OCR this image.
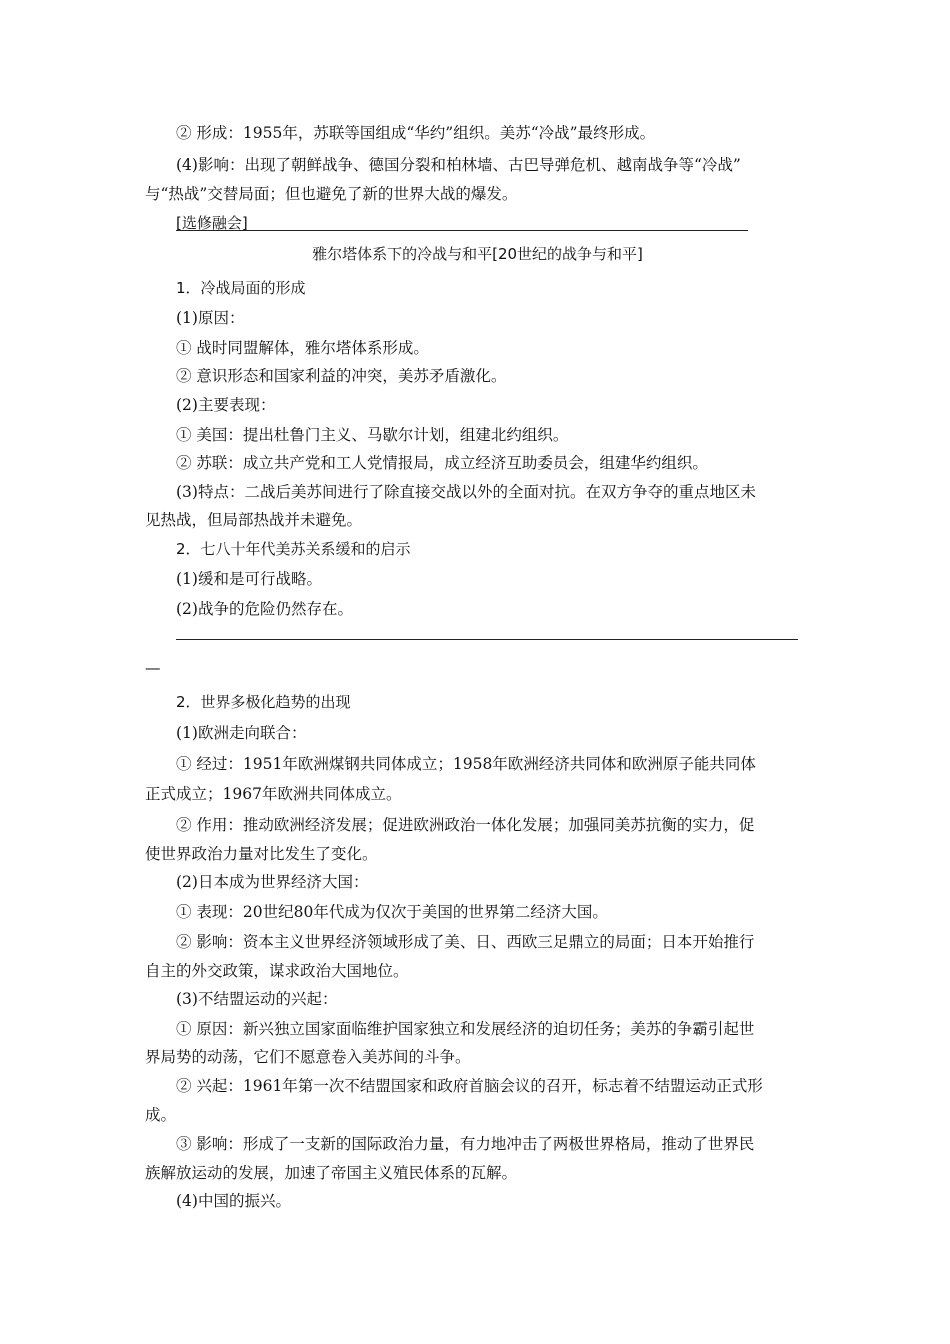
② 形成：1955年，苏联等国组成“华约”组织。美苏“冷战”最终形成。
(4)影响：出现了朝鲜战争、德国分裂和柏林墙、古巴导弹危机、越南战争等“冷战”
与“热战”交替局面；但也避免了新的世界大战的爆发。
[选修融会]
雅尔塔体系下的冷战与和平[20世纪的战争与和平]
1．冷战局面的形成
(1)原因：
① 战时同盟解体，雅尔塔体系形成。
② 意识形态和国家利益的冲突，美苏矛盾激化。
(2)主要表现：
① 美国：提出杜鲁门主义、马歇尔计划，组建北约组织。
② 苏联：成立共产党和工人党情报局，成立经济互助委员会，组建华约组织。
(3)特点：二战后美苏间进行了除直接交战以外的全面对抗。在双方争夺的重点地区未
见热战，但局部热战并未避免。
2．七八十年代美苏关系缓和的启示
(1)缓和是可行战略。
(2)战争的危险仍然存在。
—
2．世界多极化趋势的出现
(1)欧洲走向联合：
① 经过：1951年欧洲煤钢共同体成立；1958年欧洲经济共同体和欧洲原子能共同体
正式成立；1967年欧洲共同体成立。
② 作用：推动欧洲经济发展；促进欧洲政治一体化发展；加强同美苏抗衡的实力，促
使世界政治力量对比发生了变化。
(2)日本成为世界经济大国：
① 表现：20世纪80年代成为仅次于美国的世界第二经济大国。
② 影响：资本主义世界经济领域形成了美、日、西欧三足鼎立的局面；日本开始推行
自主的外交政策，谋求政治大国地位。
(3)不结盟运动的兴起：
① 原因：新兴独立国家面临维护国家独立和发展经济的迫切任务；美苏的争霸引起世
界局势的动荡，它们不愿意卷入美苏间的斗争。
② 兴起：1961年第一次不结盟国家和政府首脑会议的召开，标志着不结盟运动正式形
成。
③ 影响：形成了一支新的国际政治力量，有力地冲击了两极世界格局，推动了世界民
族解放运动的发展，加速了帝国主义殖民体系的瓦解。
(4)中国的振兴。
